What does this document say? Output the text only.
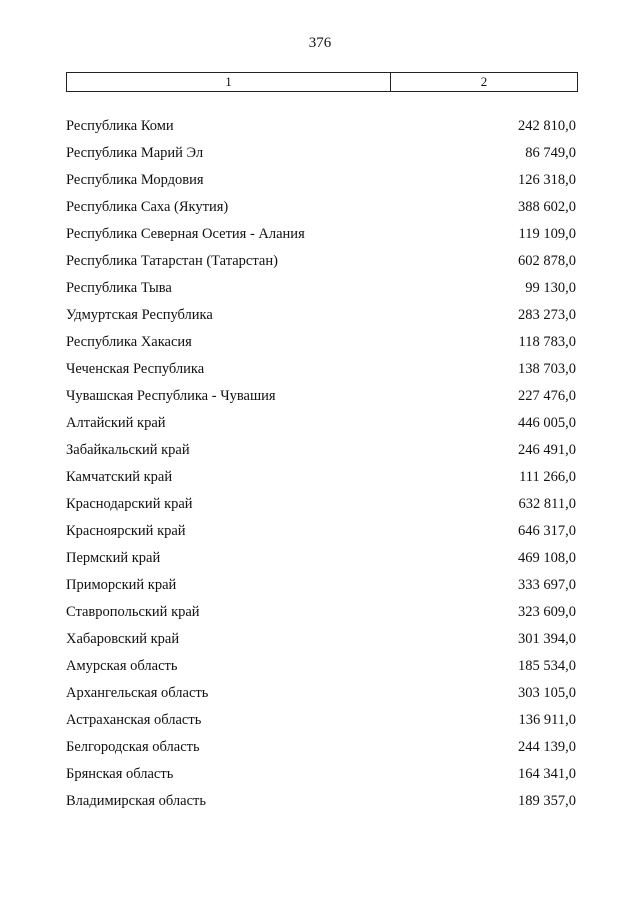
376
1	2
Республика Коми	242 810,0
Республика Марий Эл	86 749,0
Республика Мордовия	126 318,0
Республика Саха (Якутия)	388 602,0
Республика Северная Осетия - Алания	119 109,0
Республика Татарстан (Татарстан)	602 878,0
Республика Тыва	99 130,0
Удмуртская Республика	283 273,0
Республика Хакасия	118 783,0
Чеченская Республика	138 703,0
Чувашская Республика - Чувашия	227 476,0
Алтайский край	446 005,0
Забайкальский край	246 491,0
Камчатский край	111 266,0
Краснодарский край	632 811,0
Красноярский край	646 317,0
Пермский край	469 108,0
Приморский край	333 697,0
Ставропольский край	323 609,0
Хабаровский край	301 394,0
Амурская область	185 534,0
Архангельская область	303 105,0
Астраханская область	136 911,0
Белгородская область	244 139,0
Брянская область	164 341,0
Владимирская область	189 357,0
